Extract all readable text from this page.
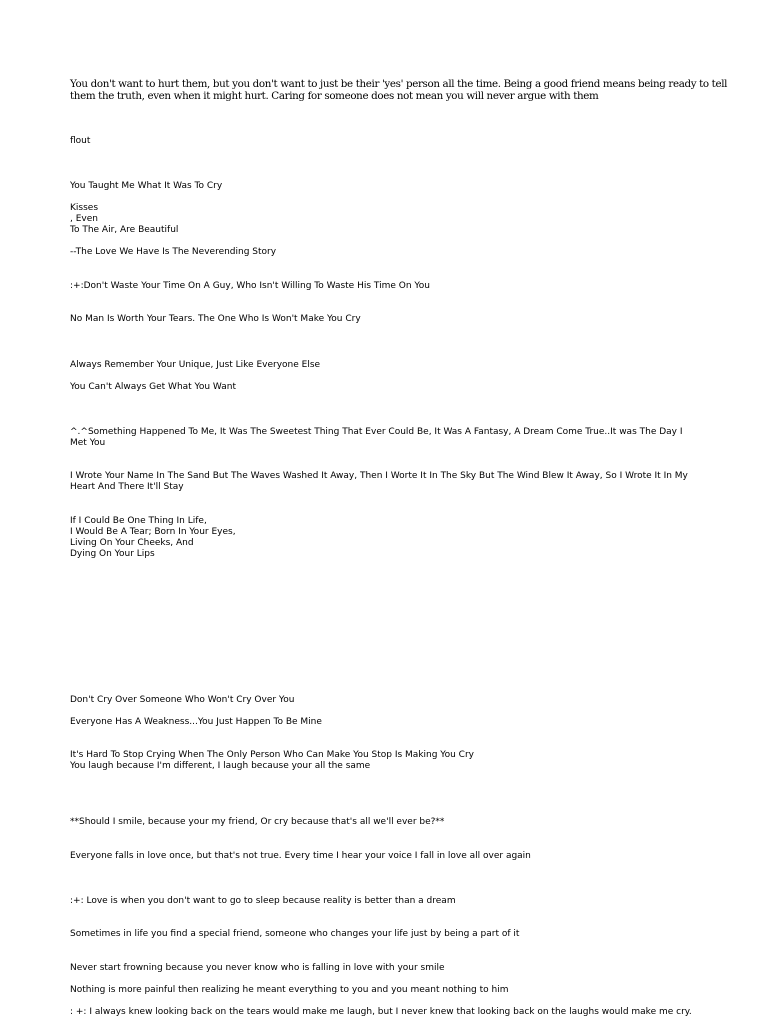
You don't want to hurt them, but you don't want to just be their 'yes' person all the time. Being a good friend means being ready to tell them the truth, even when it might hurt. Caring for someone does not mean you will never argue with them
flout
You Taught Me What It Was To Cry
Kisses
, Even
To The Air, Are Beautiful
--The Love We Have Is The Neverending Story
:+:Don't Waste Your Time On A Guy, Who Isn't Willing To Waste His Time On You
No Man Is Worth Your Tears. The One Who Is Won't Make You Cry
Always Remember Your Unique, Just Like Everyone Else
You Can't Always Get What You Want
^.^Something Happened To Me, It Was The Sweetest Thing That Ever Could Be, It Was A Fantasy, A Dream Come True..It was The Day I Met You
I Wrote Your Name In The Sand But The Waves Washed It Away, Then I Worte It In The Sky But The Wind Blew It Away, So I Wrote It In My Heart And There It'll Stay
If I Could Be One Thing In Life,
I Would Be A Tear; Born In Your Eyes,
Living On Your Cheeks, And
Dying On Your Lips
Don't Cry Over Someone Who Won't Cry Over You
Everyone Has A Weakness...You Just Happen To Be Mine
It's Hard To Stop Crying When The Only Person Who Can Make You Stop Is Making You Cry
You laugh because I'm different, I laugh because your all the same
**Should I smile, because your my friend, Or cry because that's all we'll ever be?**
Everyone falls in love once, but that's not true. Every time I hear your voice I fall in love all over again
:+: Love is when you don't want to go to sleep because reality is better than a dream
Sometimes in life you find a special friend, someone who changes your life just by being a part of it
Never start frowning because you never know who is falling in love with your smile
Nothing is more painful then realizing he meant everything to you and you meant nothing to him
: +: I always knew looking back on the tears would make me laugh, but I never knew that looking back on the laughs would make me cry.
